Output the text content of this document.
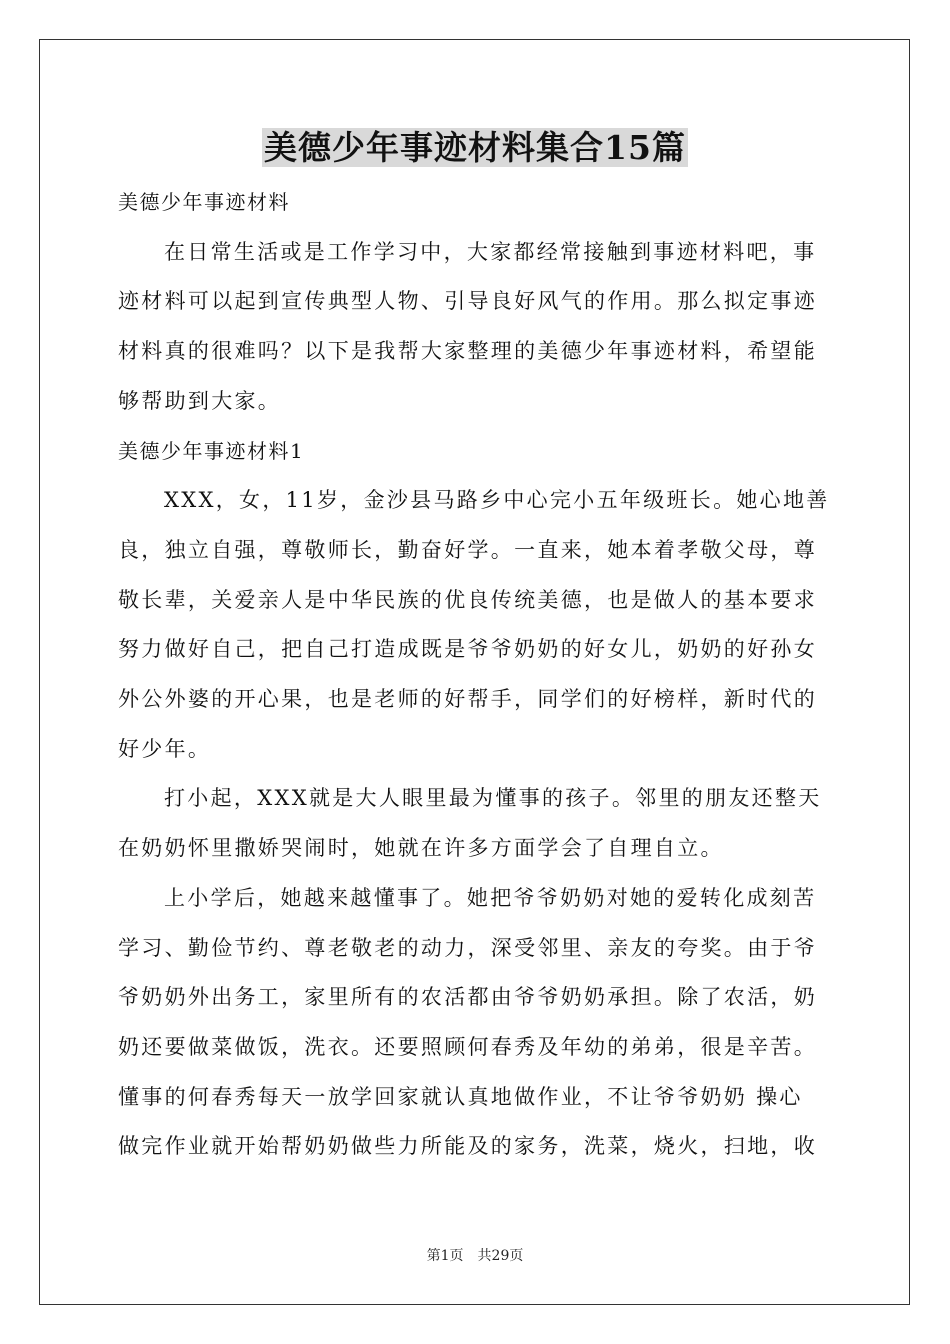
美德少年事迹材料集合15篇
美德少年事迹材料
在日常生活或是工作学习中，大家都经常接触到事迹材料吧，事
迹材料可以起到宣传典型人物、引导良好风气的作用。那么拟定事迹
材料真的很难吗？以下是我帮大家整理的美德少年事迹材料，希望能
够帮助到大家。
美德少年事迹材料1
XXX，女，11岁，金沙县马路乡中心完小五年级班长。她心地善
良，独立自强，尊敬师长，勤奋好学。一直来，她本着孝敬父母，尊
敬长辈，关爱亲人是中华民族的优良传统美德，也是做人的基本要求
努力做好自己，把自己打造成既是爷爷奶奶的好女儿，奶奶的好孙女
外公外婆的开心果，也是老师的好帮手，同学们的好榜样，新时代的
好少年。
打小起，XXX就是大人眼里最为懂事的孩子。邻里的朋友还整天
在奶奶怀里撒娇哭闹时，她就在许多方面学会了自理自立。
上小学后，她越来越懂事了。她把爷爷奶奶对她的爱转化成刻苦
学习、勤俭节约、尊老敬老的动力，深受邻里、亲友的夸奖。由于爷
爷奶奶外出务工，家里所有的农活都由爷爷奶奶承担。除了农活，奶
奶还要做菜做饭，洗衣。还要照顾何春秀及年幼的弟弟，很是辛苦。
懂事的何春秀每天一放学回家就认真地做作业，不让爷爷奶奶 操心
做完作业就开始帮奶奶做些力所能及的家务，洗菜，烧火，扫地，收
第1页 共29页
